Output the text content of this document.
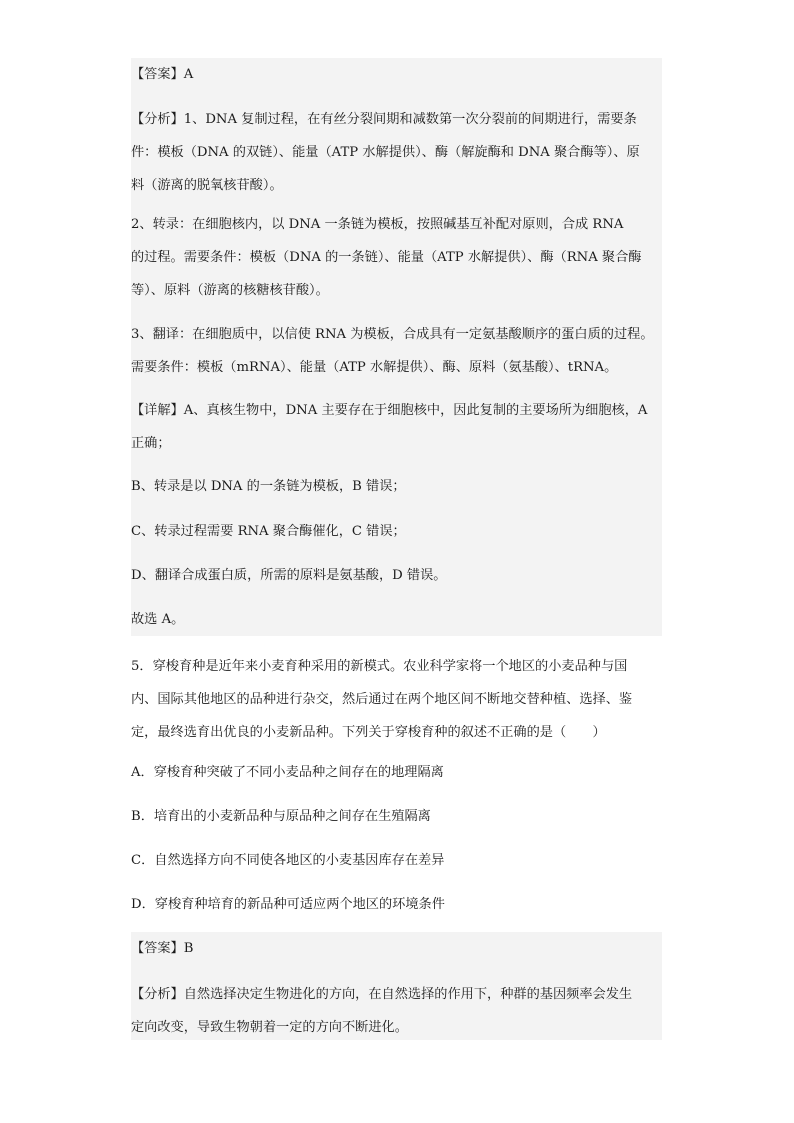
【答案】A

【分析】1、DNA 复制过程，在有丝分裂间期和减数第一次分裂前的间期进行，需要条

件：模板（DNA 的双链）、能量（ATP 水解提供）、酶（解旋酶和 DNA 聚合酶等）、原

料（游离的脱氧核苷酸）。

2、转录：在细胞核内，以 DNA 一条链为模板，按照碱基互补配对原则，合成 RNA

的过程。需要条件：模板（DNA 的一条链）、能量（ATP 水解提供）、酶（RNA 聚合酶

等）、原料（游离的核糖核苷酸）。

3、翻译：在细胞质中，以信使 RNA 为模板，合成具有一定氨基酸顺序的蛋白质的过程。

需要条件：模板（mRNA）、能量（ATP 水解提供）、酶、原料（氨基酸）、tRNA。

【详解】A、真核生物中，DNA 主要存在于细胞核中，因此复制的主要场所为细胞核，A

正确；

B、转录是以 DNA 的一条链为模板，B 错误；
C、转录过程需要 RNA 聚合酶催化，C 错误；
D、翻译合成蛋白质，所需的原料是氨基酸，D 错误。
故选 A。

5．穿梭育种是近年来小麦育种采用的新模式。农业科学家将一个地区的小麦品种与国

内、国际其他地区的品种进行杂交，然后通过在两个地区间不断地交替种植、选择、鉴

定，最终选育出优良的小麦新品种。下列关于穿梭育种的叙述不正确的是（　　）

A．穿梭育种突破了不同小麦品种之间存在的地理隔离
B．培育出的小麦新品种与原品种之间存在生殖隔离
C．自然选择方向不同使各地区的小麦基因库存在差异
D．穿梭育种培育的新品种可适应两个地区的环境条件
【答案】B

【分析】自然选择决定生物进化的方向，在自然选择的作用下，种群的基因频率会发生

定向改变，导致生物朝着一定的方向不断进化。
